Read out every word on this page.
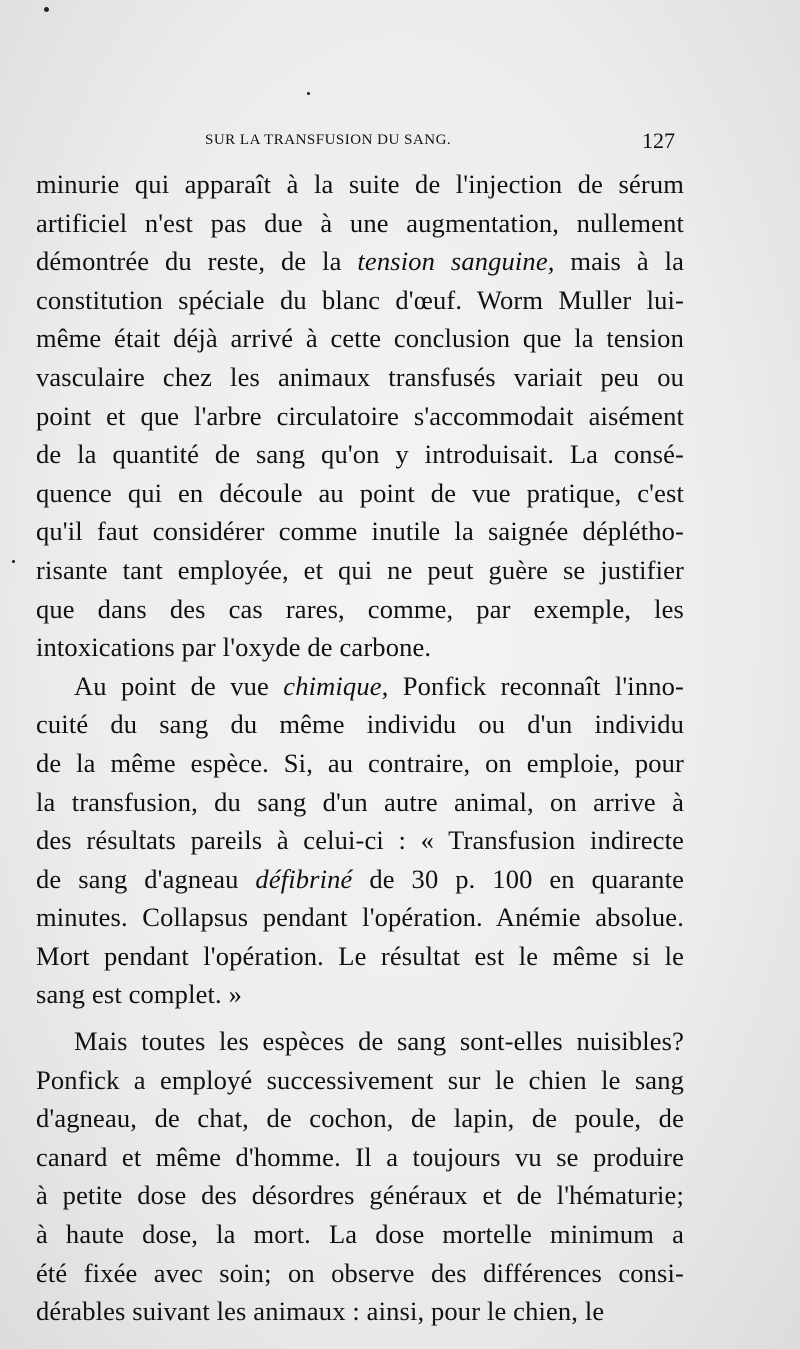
SUR LA TRANSFUSION DU SANG.	127
minurie qui apparaît à la suite de l'injection de sérum
artificiel n'est pas due à une augmentation, nullement
démontrée du reste, de la tension sanguine, mais à la
constitution spéciale du blanc d'œuf. Worm Muller lui-
même était déjà arrivé à cette conclusion que la tension
vasculaire chez les animaux transfusés variait peu ou
point et que l'arbre circulatoire s'accommodait aisément
de la quantité de sang qu'on y introduisait. La consé-
quence qui en découle au point de vue pratique, c'est
qu'il faut considérer comme inutile la saignée dépléthо-
risante tant employée, et qui ne peut guère se justifier
que dans des cas rares, comme, par exemple, les
intoxications par l'oxyde de carbone.
Au point de vue chimique, Ponfick reconnaît l'inno-
cuité du sang du même individu ou d'un individu
de la même espèce. Si, au contraire, on emploie, pour
la transfusion, du sang d'un autre animal, on arrive à
des résultats pareils à celui-ci : « Transfusion indirecte
de sang d'agneau défibriné de 30 p. 100 en quarante
minutes. Collapsus pendant l'opération. Anémie absolue.
Mort pendant l'opération. Le résultat est le même si le
sang est complet. »
Mais toutes les espèces de sang sont-elles nuisibles?
Ponfick a employé successivement sur le chien le sang
d'agneau, de chat, de cochon, de lapin, de poule, de
canard et même d'homme. Il a toujours vu se produire
à petite dose des désordres généraux et de l'hématurie;
à haute dose, la mort. La dose mortelle minimum a
été fixée avec soin; on observe des différences consi-
dérables suivant les animaux : ainsi, pour le chien, le
